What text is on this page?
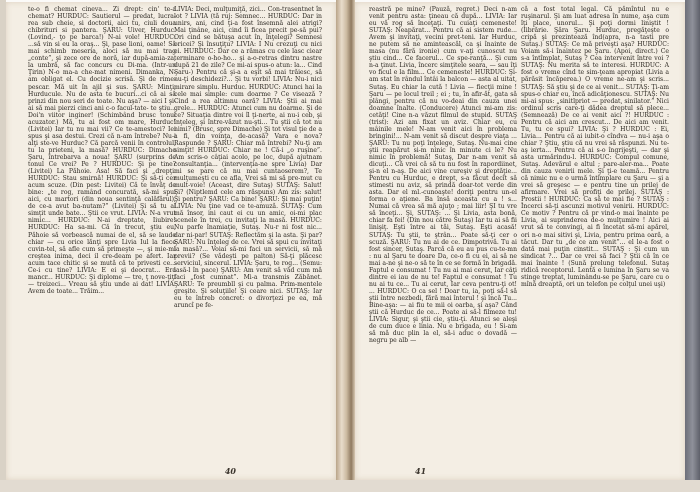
te-o fi chemat cineva... Zi drept: cin' te-a chemat? HURDUC: Sautierul — predat, lucra-rea sub cheie, si doctorii, aici tu, ciuli doua chibrituri si pantera. ŞARU: Uiver, Hurduc. (Lovind,- ţo pe barca!) N-ai vole! HURDUC: ...să vin si eu la oraş... Şi, pase lioni, oame! Să mai schimb meseria, aloci să nu mai trag „conte”, şi zece ore de noră, iar după-amia-za, la umbră, să fac concurs cu Di-ma. (Intr-un Ţirin) N-o ma-a che-mat nimeni. Dimanka, N-am obligat el. Cu docizie scrisă. Şi de rime-pescar. Mă uit în ajil şi sus. ŞARU: Minţi, Hurducule. Nu de asta te bucuri...ci că ai să prinzi din nou seri de toate. Nu aşa? — aici I şi-ai să mai pierzi cinci ani c-o facul-tate- te ştiu... Doi'n viitor inginer! (Schimbând brusc tonul acuzator.) Mă, tu ai fost om mare, Hurduc! (Livitei) Iar tu nu mai vii? Ce te-amestoci? Iei spus şi asa destui. Crezi că n-am întrebe? Nu-i alţi ste-ve Hurduc? Că parcă venii în controlul, tu la prieteni, la masă? HURDUC: Dimache Şaru, întrebarva a noua! ŞARU (surprins de tonul Ce vrei? Pe ? HURDUC: Şi pe tine? (Livitei) La Păhoie. Asa! Să faci şi „drepţi. HURDUC: Stau smirnă! HURDUC: Şi să-ţi cer acum scuze. (Din pest: Livitei) Că te învăţ de bine: „te rog, ramând concurată, să-mi spui aici, cu martori (din noua sentinţă calăfărul), de ce-a avut ba-nutam?” (Livitei) Şi să tu al simţit unde bate... Ştii ce vrut. LIVIA: N-a vrut nimic... HURDUC: N-ai dreptate, Iiubire! HURDUC: Ha sa-mi. Că în trecut, ştiu eu, Păhoie să vorbească numai de el, să se laude chiar — cu orice lănţi spre Livia Iul la fiece cuvin-tel, să afle cum să primeşte —, şi mie-mi creştea inima, deci il cre-deam pe afert. Iar acum tace chitic şi se mută că te privesti ce... Ce-i cu tine? LIVIA: E ei şi deocrat... Era mancr... HURDUC: Şi diplome — tre, ţ nove-ţiţi — treizeci... Vreau să ştiu unde ai dat! LIVIA: Avem de toate... Trăim...

LIVIA: Deci, mulţumiţă, zici... Con-trasentnet în lot ? LIVIA (tă ruj: Semnec... HURDUC: Dar in unirs, ani, cind ţi-a fost însemnă alei atrigi? Mai ţinâne, aici, cind îi ficea precit pe-să pui? Ori cind se bătuşa acut în, înţelegi? Semnesi oricei? Şi însuţiţu? LIVIA: I Nu crezuţi cu nici ei. HURDUC: Dar ce a rămas cu cele lasc ciear terminare o-ho-ho... şi a-o-retras dintru nastre după 21 de zile? Ce mi-ai spus-o atun: la... Cind Şaru-) Pentru că şi-a a eşit să mai trăiesc, să nu-ţi deschidezi?... Şi tu vorbi! LIVIA: Nu-i nici mirare simplu. Hurduc. HURDUC: Atunci hai la cele mai simple: cum doarme ? Ce visează ? Cind a rea altimnu oară? LIVIA: Ştii ai mai grele... HURDUC: Atunci cum nu doarme. Şi de ce? Situaţia dintre voi îl ţi-nerte, ai nu-i ceb, şi înţeleg, şi între-văzut nu-şti... Tu ştii că tot nu nimi? (Brusc, spre Dimache) Şi tot visul ţie de a a fi, din voinţa, de-acasă? Vara e nova? Raspunde ? ŞARU: Chiar mă întrebi? Nu-ţi am simţit! HURDUC: Chiar ne ! Că-i „o ruşine”. Am scris-o câţiai acolo, pe loc, după ajutnam consultanţia... (intervenţia-ne spre Livia) Dar mi se pare că nu mai cuntaoserem?, Te mulţumeşti cu ce afla, Vrei să mi să pre-mut cu mult-voie! (Aceast, dire Sutaş) SUTAŞ: Salut! Şi? (Niptlemd cele am răspuns) Am zis: salut! Şi pentru? ŞARU: Ca bine! ŞARU: Şi mai puţin! LIVIA: Nu ţine vad ce te-amuză. SUTAŞ: Cum mă însor, ini caut ei cu un amic, oi-mi plac scenele în trei, cu invitaţi la masă. HURDUC: Nu parfe înamiaţie, Sutaş. Nu-r ni fost nic... dar ni-par! SUTAŞ: Reflectăm şi la asta. Şi par? ŞARU: Nu înţeleg de ce. Vrei să spui cu invitaţi la masă?... Voiai să-mi faci un servicii, să mă previi? (Se vădeşti pe palton) Să-ţi plăcesc serviciul, sincerul. LIVIA: Şaru, te rog... (Semu: lasă-l în pace) ŞARU: Am venit să văd cum mă faci „fost cumnat”. Mi-a transmis Zăbănet. ŞARU: Te preumbll şi cu palma. Prim-mentele greşite. Şi soluţiile! Şi ceare nici. SUTAŞ: Iar eu te întreb concret: o divorţezi pe ea, mă aruncî pe fe-

40

reastră pe mine? (Pauză, regret.) Deci n-am venit pentru asta: ţineau că după... LIVIA: Iar eu vă rog să înceţaţi. Tu cuiaţi cemeneste! SUTAŞ: Neapărat... Pentru că ai sistem rude... Avem şi invitaţi, vecini pret-teni. Iar Hurduc, ne putem să ne aminteascăl, ca şi înainte de masa (nu fără ironie) cum v-aţi cunoscut nu ştiu cind... Ce facerul... Ce spe-ranţă... Şi cum n-a ţinut. Livia, încerc simţitele seara, — sau îţi vo ficul e la film... Ce cemeneste! HURDUC: Şi-am stat în rândul întâi la balcon — asta al uitat, Sutaş. Eu chiar la cută ! Livia — fiecţii mine ! Şaru — pe locul treil ; ei ; tu, în afir-ăt, gata să plângi, pentru că nu vo-deai din cauza unei doamne înalte. (Conducere) Atunci mi-am zis: cetăţi! Cine n-a văzut filmul de stupid. SUTAŞ (trist): Azi am fixat un aviz. Chiar eu, cu mâinile mele! N-am venit aici în problema bringini!... N-am venit să discut despre viaţa ... ŞARU: Tu nu poţi înţelege, Sutaş. Nu-mai cine ştii reapărut si-m ninic în minute ci le? Nu nimic în problemă! Sutaş, Dar n-am venit să dicuţi... Că vrei că să tu nu fost în rapordiinet, şi-n el n-aş. De aici vine cureşiv şi dreptăţie... Pentru cu Hurduc, e drept, s-a făcut decît să stimesti nu aviz, să prindă doar-tot verde din asta. Dar el ml.-cunoaşte! doriţi pentru un-el forma o aţiene. Ba însă aceasta cu a ! s... Numai că vrea să mă ajuţo ; mai liir! ŞI tu vre să înceţi... Şi, SUTAŞ: ... Şi Livia, asta bonă, chiar fa fei! (Din nou către Sutaş) Iar tu ai să fii linişiţ. Eşti între ai tăi, Sutaş. Eşti acasă! SUTAŞ: Tu ştii, te ştrân... Poate să-ţi cer o scuză. ŞARU: Tu nu ai de ce. Dimpotrivă. Tu ai fost sincer, Sutaş. Parcă că eu au pus cu-te-mn : nu al Şaru te doare Da, ce-o fi cu ei, ai să ne mai a-ne şi ne-o să te în ce se formă în brigadă. Faptul e consumat ! Tu nu ai mai cerut, Iar câţi dintre ei iau de nu te! Faptul e consumat ! Tu nu ai tu ce... Tu ai cerut, Iar ceva pentru-ţi ot! ... HURDUC: O ca sel ! Doar tu, ia, poţi să-l să ştii între nezbedi, fără mai înterul ! şi încă Tu... Bine-aşa: — ai fiu te mii oi oarba, şi aşa? Când ştii că Hurduc de ce... Poate ai să-l filmeze tu! LIVIA: Sigur, şi ştii cie, ştiu-ţi. Atunci se aleşi de cum duce e linia. Nu e brigada, eu ! Si-am să mă duc plin la el, să-i aduc o dovadă — negru pe alb —

că a fost total legal. Că pămîntul nu e ruşinarul. Şi am luat adresa în nume, aşa cum îţi place, unorul... Şi poţi dormi liniştit ! (Iibrărie. Şăra Şaru. Hurduc, pregăţeşte o cripă şi prezintează înd(apra, n-a tasti pre Sutaş.) SUTAŞ: Ce mă priveşti aşa? HURDUC: Voiam să-i înaintez pe Şaru. (Apoi, direct.) Ce s-a întîmplat, Sutaş ? Cea intervenit între voi ? SUTAŞ: Nu merita să te interesi. HURDUC: A fost o vreme cînd te sim-ţeam apropiat (Livia a părăsit încăperea.) O vreme ne-am şi scris... SUTAŞ: Să ştiu şi de ce ai venit... SUTAŞ: Ţi-am spus-o chiar eu, încă adicăţionescu. SUTAŞ: Nu mi-ai spus: „sinitlpriot — predat, sinilator.” Nici ordinul scris care-ţi dădea dreptul să plece... (Semnează) De ce ai venit aici ?! HURDUC : Pentru că aici am crescut... De aici am venit. Tu, tu ce spui? LIVIA: Şi ? HURDUC : Ei, Livia... Pentru că ai iubit-o cîndva — nu-i aşa o chiar ? Ştiu, ştiu că nu vrei să răspunzi. Nu te-aş ierta... Pentru că ai s-o îngrijeşti, — dar şi asta urmărindu-l. HURDUC: Compul comune, Sutaş. Adevărul e altul ; pare-aler-ma... Poate din cauza venirii mele. Şi ţi-e teamă... Pentru că nimic nu e o urmă întîmplare cu Şaru — şi a vrei să greşesc — e pentru tine un prilej de afirmare. Vrei să profiţi de prilej. SUTAŞ : Prostii ! HURDUC: Ca să te mai fie ? SUTAŞ : Încerci să-ţi ascunzi motivul venirii. HURDUC: Ce motiv ? Pentru că pr vind-o mai înainte pe Livia, ai suprinderea de-o mulţumire ! Aici ai vrut să te convingi, ai fi încetat să-mi apărel, ori n-o mai sitivi şi, Livia, pentru prima oară, a tăcut. Dar tu „de ce am venit”... el le-a fost o dată mai puţin cinstit... SUTAŞ : Şi cum un sindicat ?... Dar ce vrei să faci ? Ştii că în ce mai înainte ! (Sună prelung telefonul. Sutaş ridică receptorul. Lentă e lumina în Şaru se va stinge treptat, luminându-se pe Şaru, care cu o mînă dreaptă, ori un telefon pe colţul unei uşi)

41
